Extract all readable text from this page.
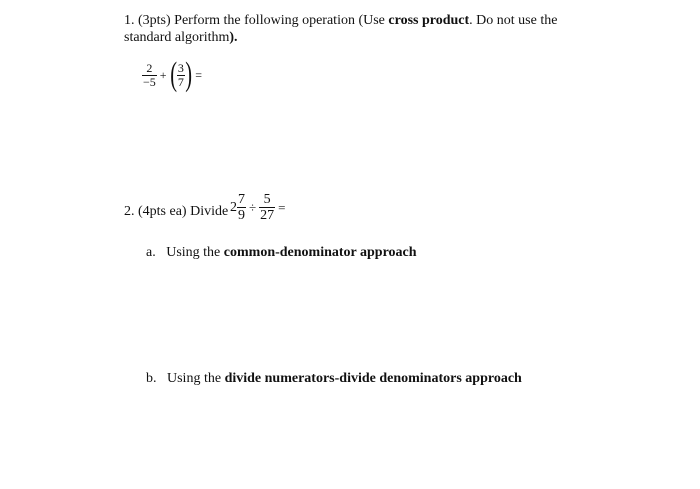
1. (3pts) Perform the following operation (Use cross product. Do not use the
standard algorithm).
$\frac{2}{-5}$ + ( $\frac{3}{7}$ ) =
2. (4pts ea) Divide $2 \frac{7}{9} \div \frac{5}{27}$ =
a. Using the common-denominator approach
b. Using the divide numerators-divide denominators approach
